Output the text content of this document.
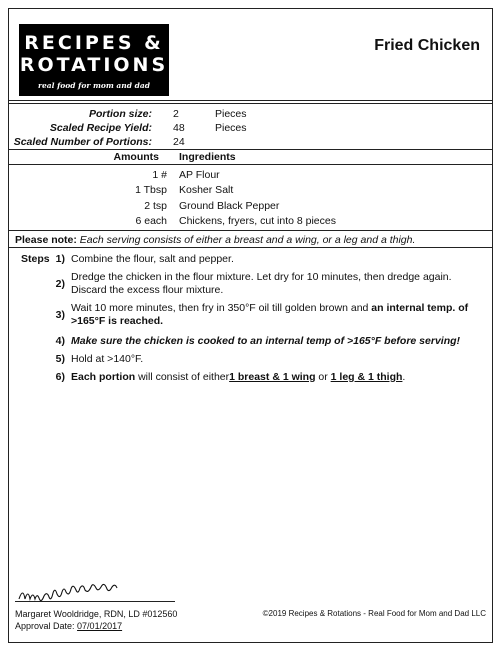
RECIPES &
ROTATIONS
real food for mom and dad
Fried Chicken
Portion size: 2	Pieces
Scaled Recipe Yield: 48	Pieces
Scaled Number of Portions: 24
Amounts Ingredients
1 # AP Flour
1 Tbsp Kosher Salt
2 tsp Ground Black Pepper
6 each Chickens, fryers, cut into 8 pieces
Please note: Each serving consists of either a breast and a wing, or a leg and a thigh.
Steps 1) Combine the flour, salt and pepper.
2)
Dredge the chicken in the flour mixture. Let dry for 10 minutes, then dredge again. Discard the excess flour mixture.
3)
Wait 10 more minutes, then fry in 350°F oil till golden brown and an internal temp. of >165°F is reached.
4) Make sure the chicken is cooked to an internal temp of >165°F before serving!
5) Hold at >140°F.
6) Each portion will consist of either1 breast & 1 wing or 1 leg & 1 thigh.
Margaret Wooldridge, RDN, LD #012560
Approval Date: 07/01/2017
©2019 Recipes & Rotations - Real Food for Mom and Dad LLC
